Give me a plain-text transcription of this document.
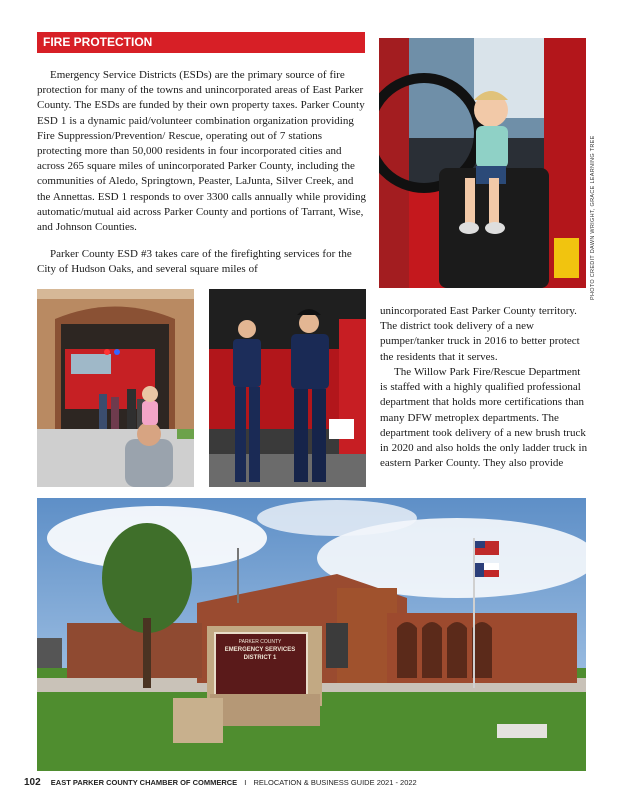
FIRE PROTECTION

Emergency Service Districts (ESDs) are the primary source of fire protection for many of the towns and unincorporated areas of East Parker County. The ESDs are funded by their own property taxes. Parker County ESD 1 is a dynamic paid/volunteer combination organization providing Fire Suppression/Prevention/ Rescue, operating out of 7 stations protecting more than 50,000 residents in four incorporated cities and across 265 square miles of unincorporated Parker County, including the communities of Aledo, Springtown, Peaster, LaJunta, Silver Creek, and the Annettas. ESD 1 responds to over 3300 calls annually while providing automatic/mutual aid across Parker County and portions of Tarrant, Wise, and Johnson Counties.

Parker County ESD #3 takes care of the firefighting services for the City of Hudson Oaks, and several square miles of

unincorporated East Parker County territory. The district took delivery of a new pumper/tanker truck in 2016 to better protect the residents that it serves.

The Willow Park Fire/Rescue Department is staffed with a highly qualified professional department that holds more certifications than many DFW metroplex departments. The department took delivery of a new brush truck in 2020 and also holds the only ladder truck in eastern Parker County. They also provide

PHOTO CREDIT DAWN WRIGHT, GRACE LEARNING TREE
PARKER COUNTY
EMERGENCY SERVICES DISTRICT 1
102 EAST PARKER COUNTY CHAMBER OF COMMERCE I RELOCATION & BUSINESS GUIDE 2021 - 2022
